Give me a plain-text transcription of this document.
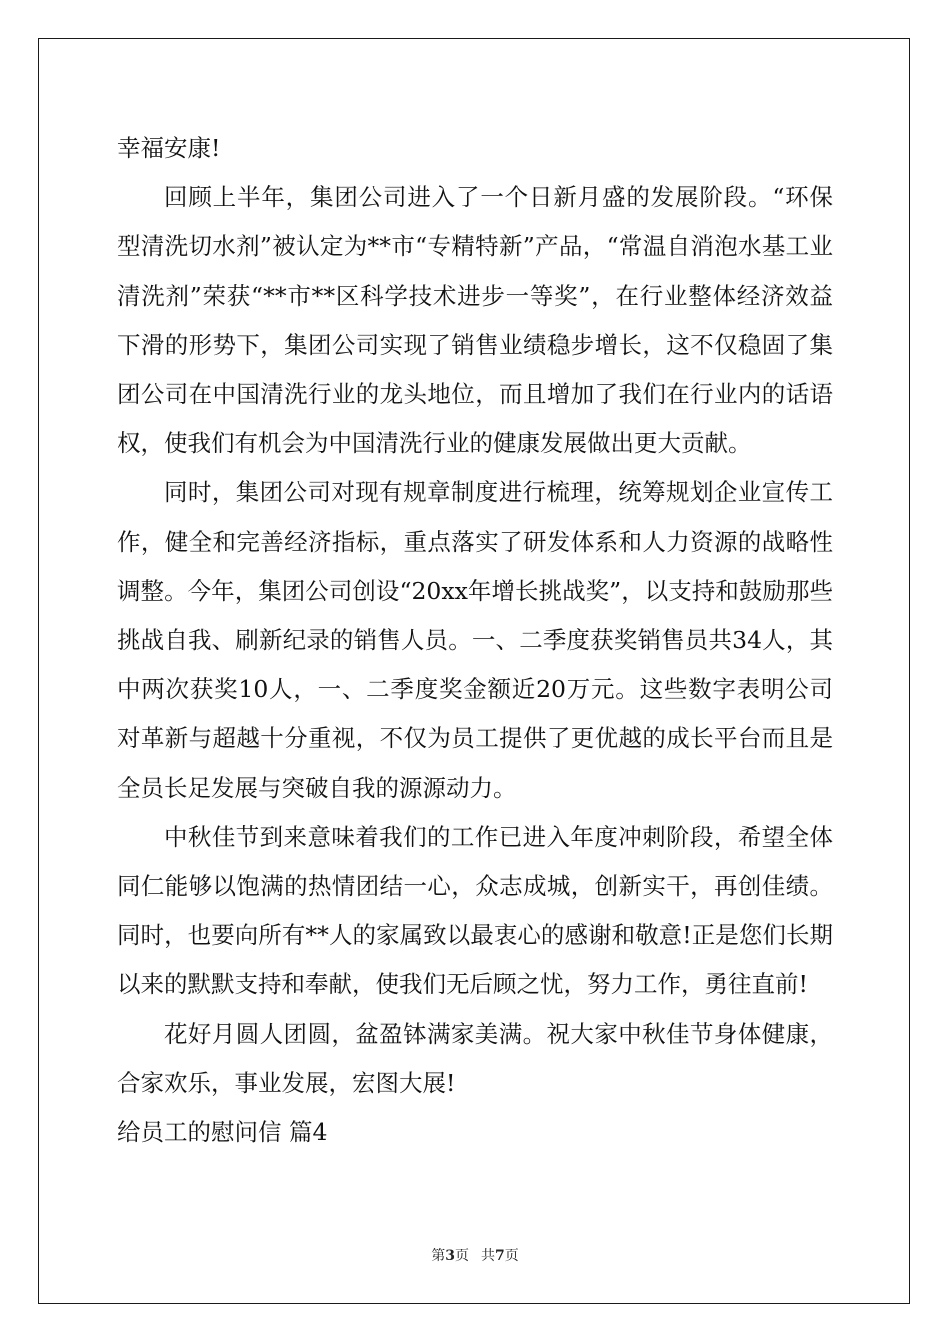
幸福安康!

回顾上半年，集团公司进入了一个日新月盛的发展阶段。“环保型清洗切水剂”被认定为**市“专精特新”产品，“常温自消泡水基工业清洗剂”荣获“**市**区科学技术进步一等奖”，在行业整体经济效益下滑的形势下，集团公司实现了销售业绩稳步增长，这不仅稳固了集团公司在中国清洗行业的龙头地位，而且增加了我们在行业内的话语权，使我们有机会为中国清洗行业的健康发展做出更大贡献。

同时，集团公司对现有规章制度进行梳理，统筹规划企业宣传工作，健全和完善经济指标，重点落实了研发体系和人力资源的战略性调整。今年，集团公司创设“20xx年增长挑战奖”，以支持和鼓励那些挑战自我、刷新纪录的销售人员。一、二季度获奖销售员共34人，其中两次获奖10人，一、二季度奖金额近20万元。这些数字表明公司对革新与超越十分重视，不仅为员工提供了更优越的成长平台而且是全员长足发展与突破自我的源源动力。

中秋佳节到来意味着我们的工作已进入年度冲刺阶段，希望全体同仁能够以饱满的热情团结一心，众志成城，创新实干，再创佳绩。同时，也要向所有**人的家属致以最衷心的感谢和敬意!正是您们长期以来的默默支持和奉献，使我们无后顾之忧，努力工作，勇往直前!

花好月圆人团圆，盆盈钵满家美满。祝大家中秋佳节身体健康，合家欢乐，事业发展，宏图大展!

给员工的慰问信 篇4

第3页 共7页
